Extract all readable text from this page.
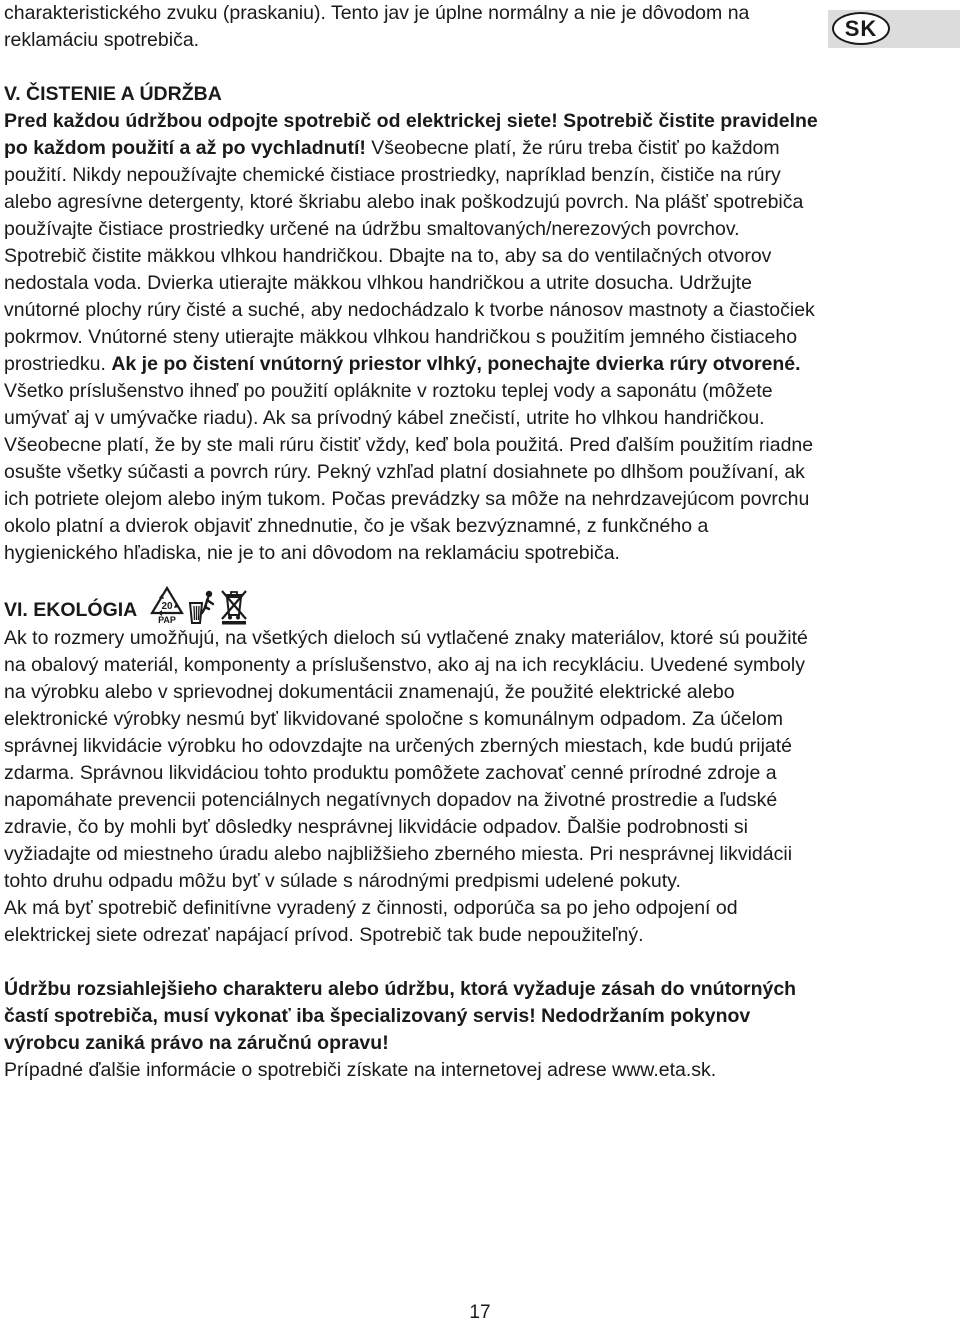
SK

charakteristického zvuku (praskaniu). Tento jav je úplne normálny a nie je dôvodom na reklamáciu spotrebiča.

V. ČISTENIE A ÚDRŽBA

Pred každou údržbou odpojte spotrebič od elektrickej siete! Spotrebič čistite pravidelne po každom použití a až po vychladnutí! Všeobecne platí, že rúru treba čistiť po každom použití. Nikdy nepoužívajte chemické čistiace prostriedky, napríklad benzín, čističe na rúry alebo agresívne detergenty, ktoré škriabu alebo inak poškodzujú povrch. Na plášť spotrebiča používajte čistiace prostriedky určené na údržbu smaltovaných/nerezových povrchov. Spotrebič čistite mäkkou vlhkou handričkou. Dbajte na to, aby sa do ventilačných otvorov nedostala voda. Dvierka utierajte mäkkou vlhkou handričkou a utrite dosucha. Udržujte vnútorné plochy rúry čisté a suché, aby nedochádzalo k tvorbe nánosov mastnoty a čiastočiek pokrmov. Vnútorné steny utierajte mäkkou vlhkou handričkou s použitím jemného čistiaceho prostriedku. Ak je po čistení vnútorný priestor vlhký, ponechajte dvierka rúry otvorené. Všetko príslušenstvo ihneď po použití opláknite v roztoku teplej vody a saponátu (môžete umývať aj v umývačke riadu). Ak sa prívodný kábel znečistí, utrite ho vlhkou handričkou. Všeobecne platí, že by ste mali rúru čistiť vždy, keď bola použitá. Pred ďalším použitím riadne osušte všetky súčasti a povrch rúry. Pekný vzhľad platní dosiahnete po dlhšom používaní, ak ich potriete olejom alebo iným tukom. Počas prevádzky sa môže na nehrdzavejúcom povrchu okolo platní a dvierok objaviť zhnednutie, čo je však bezvýznamné, z funkčného a hygienického hľadiska, nie je to ani dôvodom na reklamáciu spotrebiča.

VI. EKOLÓGIA 20
PAP

Ak to rozmery umožňujú, na všetkých dieloch sú vytlačené znaky materiálov, ktoré sú použité na obalový materiál, komponenty a príslušenstvo, ako aj na ich recykláciu. Uvedené symboly na výrobku alebo v sprievodnej dokumentácii znamenajú, že použité elektrické alebo elektronické výrobky nesmú byť likvidované spoločne s komunálnym odpadom. Za účelom správnej likvidácie výrobku ho odovzdajte na určených zberných miestach, kde budú prijaté zdarma. Správnou likvidáciou tohto produktu pomôžete zachovať cenné prírodné zdroje a napomáhate prevencii potenciálnych negatívnych dopadov na životné prostredie a ľudské zdravie, čo by mohli byť dôsledky nesprávnej likvidácie odpadov. Ďalšie podrobnosti si vyžiadajte od miestneho úradu alebo najbližšieho zberného miesta. Pri nesprávnej likvidácii tohto druhu odpadu môžu byť v súlade s národnými predpismi udelené pokuty.

Ak má byť spotrebič definitívne vyradený z činnosti, odporúča sa po jeho odpojení od elektrickej siete odrezať napájací prívod. Spotrebič tak bude nepoužiteľný.

Údržbu rozsiahlejšieho charakteru alebo údržbu, ktorá vyžaduje zásah do vnútorných častí spotrebiča, musí vykonať iba špecializovaný servis! Nedodržaním pokynov výrobcu zaniká právo na záručnú opravu!

Prípadné ďalšie informácie o spotrebiči získate na internetovej adrese www.eta.sk.

17
